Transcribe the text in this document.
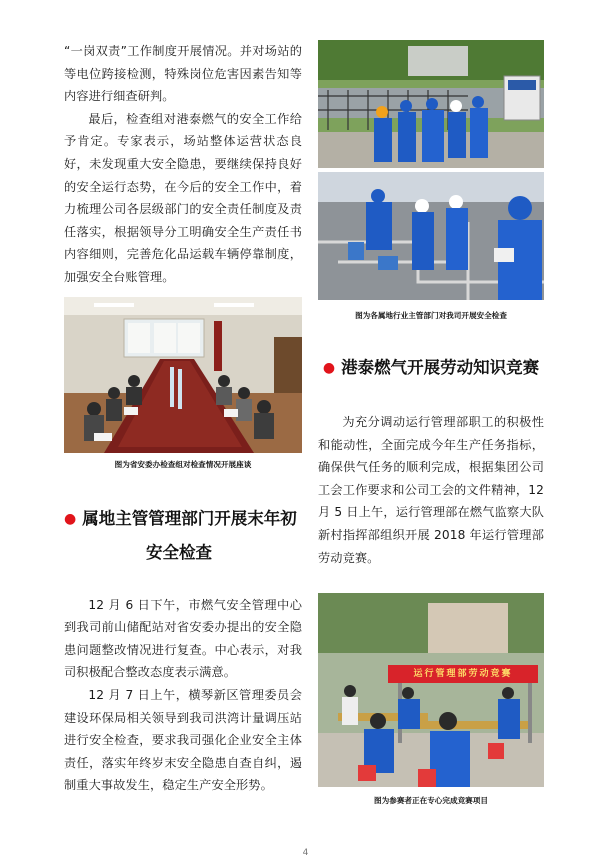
“一岗双责”工作制度开展情况。并对场站的等电位跨接检测，特殊岗位危害因素告知等内容进行细查研判。

最后，检查组对港泰燃气的安全工作给予肯定。专家表示，场站整体运营状态良好，未发现重大安全隐患，要继续保持良好的安全运行态势，在今后的安全工作中，着力梳理公司各层级部门的安全责任制度及责任落实，根据领导分工明确安全生产责任书内容细则，完善危化品运载车辆停靠制度，加强安全台账管理。

图为省安委办检查组对检查情况开展座谈
● 属地主管管理部门开展末年初
安全检查

12 月 6 日下午，市燃气安全管理中心到我司前山储配站对省安委办提出的安全隐患问题整改情况进行复查。中心表示，对我司积极配合整改态度表示满意。

12 月 7 日上午，横琴新区管理委员会建设环保局相关领导到我司洪湾计量调压站进行安全检查，要求我司强化企业安全主体责任，落实年终岁末安全隐患自查自纠，遏制重大事故发生，稳定生产安全形势。

图为各属地行业主管部门对我司开展安全检查
● 港泰燃气开展劳动知识竞赛

为充分调动运行管理部职工的积极性和能动性，全面完成今年生产任务指标，确保供气任务的顺利完成，根据集团公司工会工作要求和公司工会的文件精神，12 月 5 日上午，运行管理部在燃气监察大队新村指挥部组织开展 2018 年运行管理部劳动竞赛。

运行管理部劳动竞赛
图为参赛者正在专心完成竞赛项目
4
